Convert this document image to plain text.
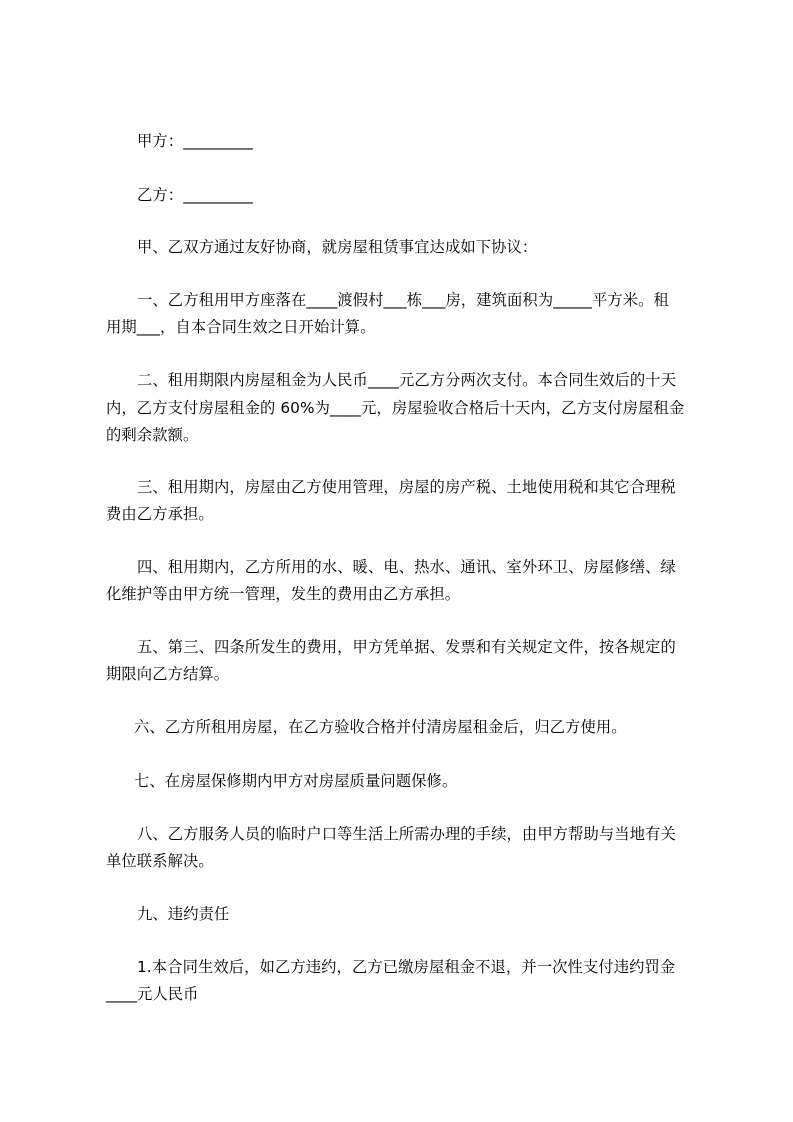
甲方：_________
乙方：_________
甲、乙双方通过友好协商，就房屋租赁事宜达成如下协议：
一、乙方租用甲方座落在____渡假村___栋___房，建筑面积为_____平方米。租
用期___，自本合同生效之日开始计算。
二、租用期限内房屋租金为人民币____元乙方分两次支付。本合同生效后的十天
内，乙方支付房屋租金的 60%为____元，房屋验收合格后十天内，乙方支付房屋租金
的剩余款额。
三、租用期内，房屋由乙方使用管理，房屋的房产税、土地使用税和其它合理税
费由乙方承担。
四、租用期内，乙方所用的水、暖、电、热水、通讯、室外环卫、房屋修缮、绿
化维护等由甲方统一管理，发生的费用由乙方承担。
五、第三、四条所发生的费用，甲方凭单据、发票和有关规定文件，按各规定的
期限向乙方结算。
六、乙方所租用房屋，在乙方验收合格并付清房屋租金后，归乙方使用。
七、在房屋保修期内甲方对房屋质量问题保修。
八、乙方服务人员的临时户口等生活上所需办理的手续，由甲方帮助与当地有关
单位联系解决。
九、违约责任
1.本合同生效后，如乙方违约，乙方已缴房屋租金不退，并一次性支付违约罚金
____元人民币
